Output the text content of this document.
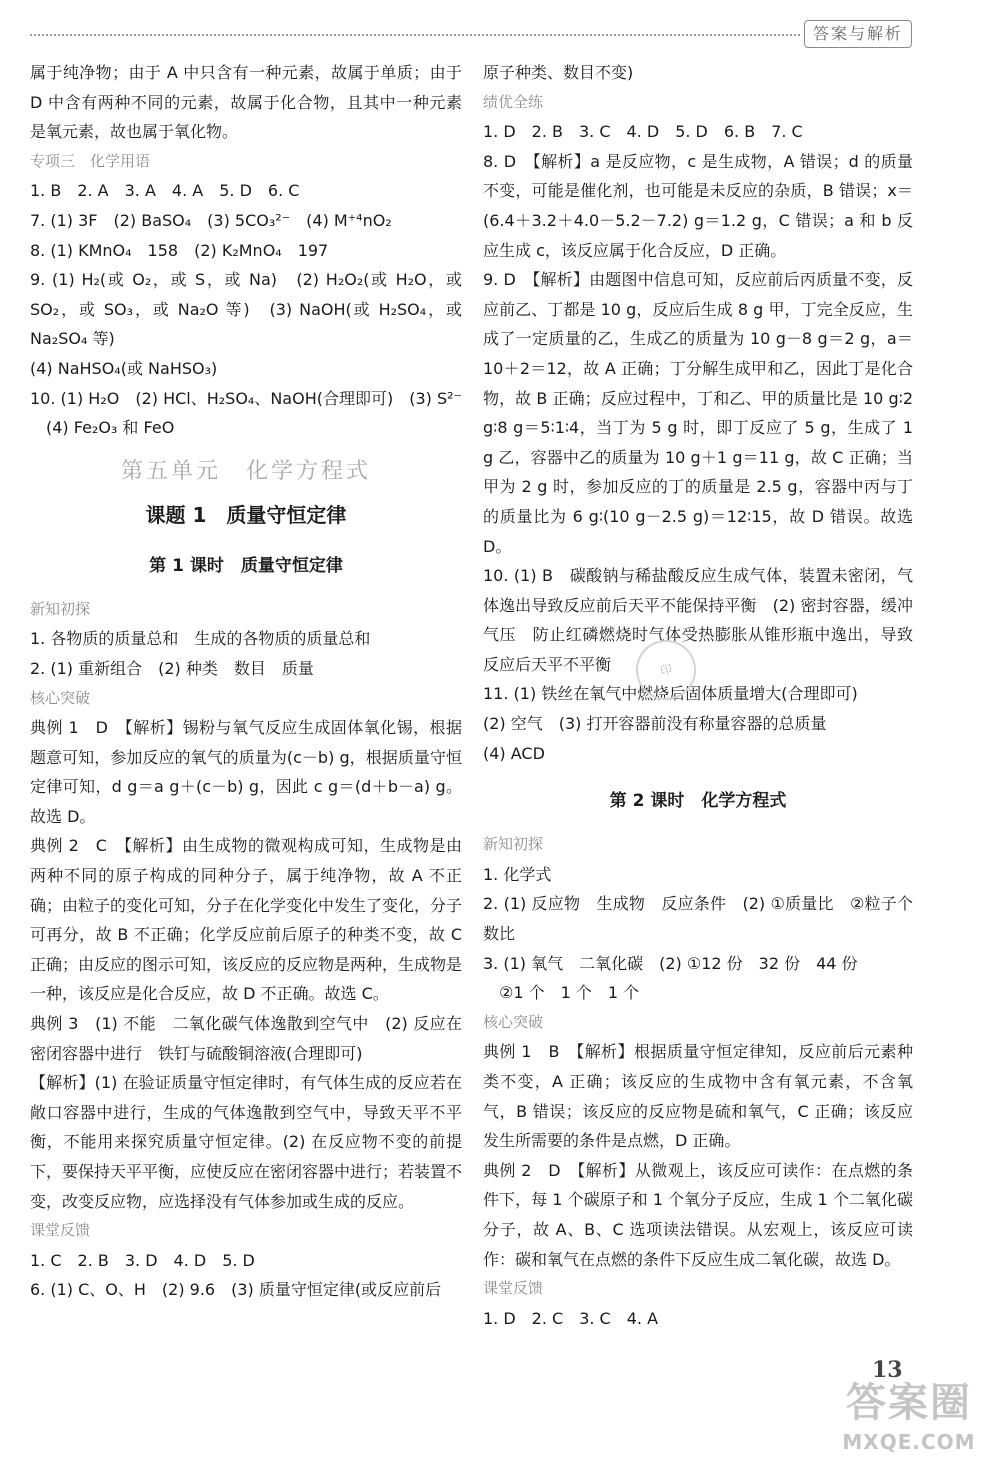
答案与解析

属于纯净物；由于 A 中只含有一种元素，故属于单质；由于 D 中含有两种不同的元素，故属于化合物，且其中一种元素是氧元素，故也属于氧化物。

专项三　化学用语

1. B　2. A　3. A　4. A　5. D　6. C

7. (1) 3F　(2) BaSO₄　(3) 5CO₃²⁻　(4) M⁺⁴nO₂

8. (1) KMnO₄　158　(2) K₂MnO₄　197

9. (1) H₂(或 O₂，或 S，或 Na)　(2) H₂O₂(或 H₂O，或 SO₂，或 SO₃，或 Na₂O 等)　(3) NaOH(或 H₂SO₄，或 Na₂SO₄ 等)

(4) NaHSO₄(或 NaHSO₃)

10. (1) H₂O　(2) HCl、H₂SO₄、NaOH(合理即可)　(3) S²⁻

(4) Fe₂O₃ 和 FeO

第五单元　化学方程式
课题 1　质量守恒定律
第 1 课时　质量守恒定律

新知初探

1. 各物质的质量总和　生成的各物质的质量总和

2. (1) 重新组合　(2) 种类　数目　质量

核心突破

典例 1　D　【解析】锡粉与氧气反应生成固体氧化锡，根据题意可知，参加反应的氧气的质量为(c－b) g，根据质量守恒定律可知，d g＝a g＋(c－b) g，因此 c g＝(d＋b－a) g。故选 D。

典例 2　C　【解析】由生成物的微观构成可知，生成物是由两种不同的原子构成的同种分子，属于纯净物，故 A 不正确；由粒子的变化可知，分子在化学变化中发生了变化，分子可再分，故 B 不正确；化学反应前后原子的种类不变，故 C 正确；由反应的图示可知，该反应的反应物是两种，生成物是一种，该反应是化合反应，故 D 不正确。故选 C。

典例 3　(1) 不能　二氧化碳气体逸散到空气中　(2) 反应在密闭容器中进行　铁钉与硫酸铜溶液(合理即可)

【解析】(1) 在验证质量守恒定律时，有气体生成的反应若在敞口容器中进行，生成的气体逸散到空气中，导致天平不平衡，不能用来探究质量守恒定律。(2) 在反应物不变的前提下，要保持天平平衡，应使反应在密闭容器中进行；若装置不变，改变反应物，应选择没有气体参加或生成的反应。

课堂反馈

1. C　2. B　3. D　4. D　5. D

6. (1) C、O、H　(2) 9.6　(3) 质量守恒定律(或反应前后

原子种类、数目不变)

绩优全练

1. D　2. B　3. C　4. D　5. D　6. B　7. C

8. D　【解析】a 是反应物，c 是生成物，A 错误；d 的质量不变，可能是催化剂，也可能是未反应的杂质，B 错误；x＝(6.4＋3.2＋4.0－5.2－7.2) g＝1.2 g，C 错误；a 和 b 反应生成 c，该反应属于化合反应，D 正确。

9. D　【解析】由题图中信息可知，反应前后丙质量不变，反应前乙、丁都是 10 g，反应后生成 8 g 甲，丁完全反应，生成了一定质量的乙，生成乙的质量为 10 g－8 g＝2 g，a＝10＋2＝12，故 A 正确；丁分解生成甲和乙，因此丁是化合物，故 B 正确；反应过程中，丁和乙、甲的质量比是 10 g∶2 g∶8 g＝5∶1∶4，当丁为 5 g 时，即丁反应了 5 g，生成了 1 g 乙，容器中乙的质量为 10 g＋1 g＝11 g，故 C 正确；当甲为 2 g 时，参加反应的丁的质量是 2.5 g，容器中丙与丁的质量比为 6 g∶(10 g－2.5 g)＝12∶15，故 D 错误。故选 D。

10. (1) B　碳酸钠与稀盐酸反应生成气体，装置未密闭，气体逸出导致反应前后天平不能保持平衡　(2) 密封容器，缓冲气压　防止红磷燃烧时气体受热膨胀从锥形瓶中逸出，导致反应后天平不平衡

11. (1) 铁丝在氧气中燃烧后固体质量增大(合理即可)

(2) 空气　(3) 打开容器前没有称量容器的总质量

(4) ACD

第 2 课时　化学方程式

新知初探

1. 化学式

2. (1) 反应物　生成物　反应条件　(2) ①质量比　②粒子个数比

3. (1) 氧气　二氧化碳　(2) ①12 份　32 份　44 份

②1 个　1 个　1 个

核心突破

典例 1　B　【解析】根据质量守恒定律知，反应前后元素种类不变，A 正确；该反应的生成物中含有氧元素，不含氧气，B 错误；该反应的反应物是硫和氧气，C 正确；该反应发生所需要的条件是点燃，D 正确。

典例 2　D　【解析】从微观上，该反应可读作：在点燃的条件下，每 1 个碳原子和 1 个氧分子反应，生成 1 个二氧化碳分子，故 A、B、C 选项读法错误。从宏观上，该反应可读作：碳和氧气在点燃的条件下反应生成二氧化碳，故选 D。

课堂反馈

1. D　2. C　3. C　4. A

印
13
答案圈
MXQE.COM
